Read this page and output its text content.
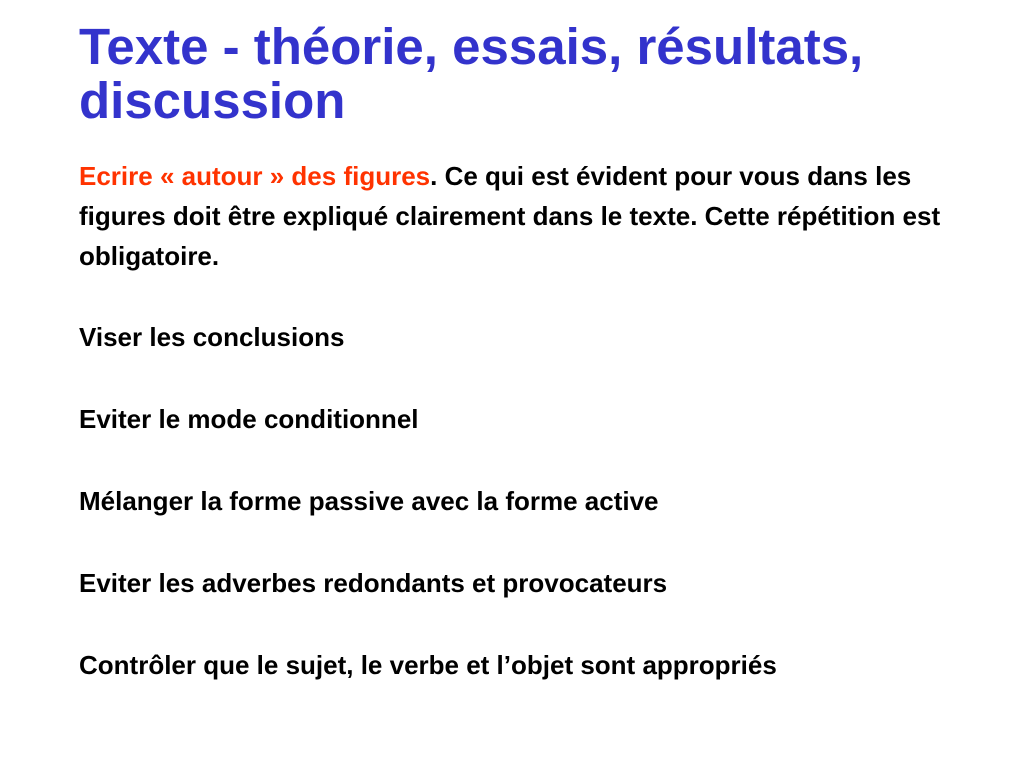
Texte - théorie, essais, résultats, discussion

Ecrire « autour » des figures. Ce qui est évident pour vous dans les figures doit être expliqué clairement dans le texte. Cette répétition est obligatoire.

Viser les conclusions

Eviter le mode conditionnel

Mélanger la forme passive avec la forme active

Eviter les adverbes redondants et provocateurs

Contrôler que le sujet, le verbe et l’objet sont appropriés
